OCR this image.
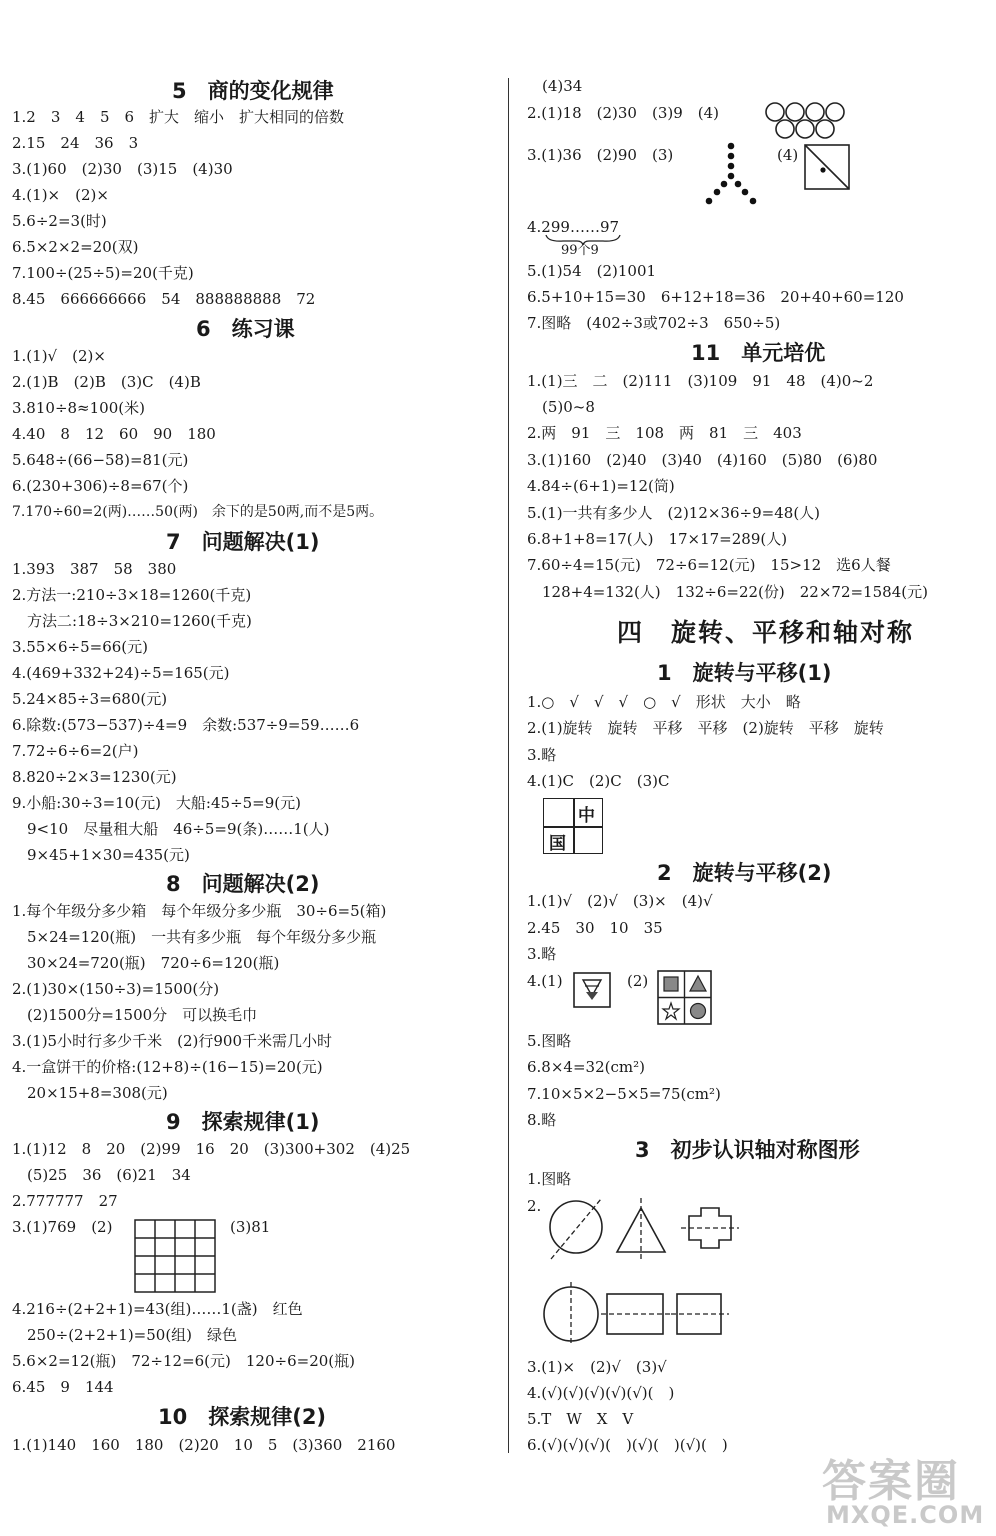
5　商的变化规律
1.2　3　4　5　6　扩大　缩小　扩大相同的倍数
2.15　24　36　3
3.(1)60　(2)30　(3)15　(4)30
4.(1)×　(2)×
5.6÷2=3(时)
6.5×2×2=20(双)
7.100÷(25÷5)=20(千克)
8.45　666666666　54　888888888　72
6　练习课
1.(1)√　(2)×
2.(1)B　(2)B　(3)C　(4)B
3.810÷8≈100(米)
4.40　8　12　60　90　180
5.648÷(66−58)=81(元)
6.(230+306)÷8=67(个)
7.170÷60=2(两)……50(两)　余下的是50两,而不是5两。
7　问题解决(1)
1.393　387　58　380
2.方法一:210÷3×18=1260(千克)
　方法二:18÷3×210=1260(千克)
3.55×6÷5=66(元)
4.(469+332+24)÷5=165(元)
5.24×85÷3=680(元)
6.除数:(573−537)÷4=9　余数:537÷9=59……6
7.72÷6÷6=2(户)
8.820÷2×3=1230(元)
9.小船:30÷3=10(元)　大船:45÷5=9(元)
　9<10　尽量租大船　46÷5=9(条)……1(人)
　9×45+1×30=435(元)
8　问题解决(2)
1.每个年级分多少箱　每个年级分多少瓶　30÷6=5(箱)
　5×24=120(瓶)　一共有多少瓶　每个年级分多少瓶
　30×24=720(瓶)　720÷6=120(瓶)
2.(1)30×(150÷3)=1500(分)
　(2)1500分=1500分　可以换毛巾
3.(1)5小时行多少千米　(2)行900千米需几小时
4.一盒饼干的价格:(12+8)÷(16−15)=20(元)
　20×15+8=308(元)
9　探索规律(1)
1.(1)12　8　20　(2)99　16　20　(3)300+302　(4)25
　(5)25　36　(6)21　34
2.777777　27
3.(1)769　(2)	(3)81
4.216÷(2+2+1)=43(组)……1(盏)　红色
　250÷(2+2+1)=50(组)　绿色
5.6×2=12(瓶)　72÷12=6(元)　120÷6=20(瓶)
6.45　9　144
10　探索规律(2)
1.(1)140　160　180　(2)20　10　5　(3)360　2160
　(4)34
2.(1)18　(2)30　(3)9　(4)
3.(1)36　(2)90　(3)	(4)
4.299……97
99个9
5.(1)54　(2)1001
6.5+10+15=30　6+12+18=36　20+40+60=120
7.图略　(402÷3或702÷3　650÷5)
11　单元培优
1.(1)三　二　(2)111　(3)109　91　48　(4)0~2
　(5)0~8
2.两　91　三　108　两　81　三　403
3.(1)160　(2)40　(3)40　(4)160　(5)80　(6)80
4.84÷(6+1)=12(筒)
5.(1)一共有多少人　(2)12×36÷9=48(人)
6.8+1+8=17(人)　17×17=289(人)
7.60÷4=15(元)　72÷6=12(元)　15>12　选6人餐
　128+4=132(人)　132÷6=22(份)　22×72=1584(元)
四　旋转、平移和轴对称
1　旋转与平移(1)
1.○　√　√　√　○　√　形状　大小　略
2.(1)旋转　旋转　平移　平移　(2)旋转　平移　旋转
3.略
4.(1)C　(2)C　(3)C
中
国
2　旋转与平移(2)
1.(1)√　(2)√　(3)×　(4)√
2.45　30　10　35
3.略
4.(1)	(2)
5.图略
6.8×4=32(cm²)
7.10×5×2−5×5=75(cm²)
8.略
3　初步认识轴对称图形
1.图略
2.
3.(1)×　(2)√　(3)√
4.(√)(√)(√)(√)(√)(　)
5.T　W　X　V
6.(√)(√)(√)(　)(√)(　)(√)(　)
答案圈
MXQE.COM
